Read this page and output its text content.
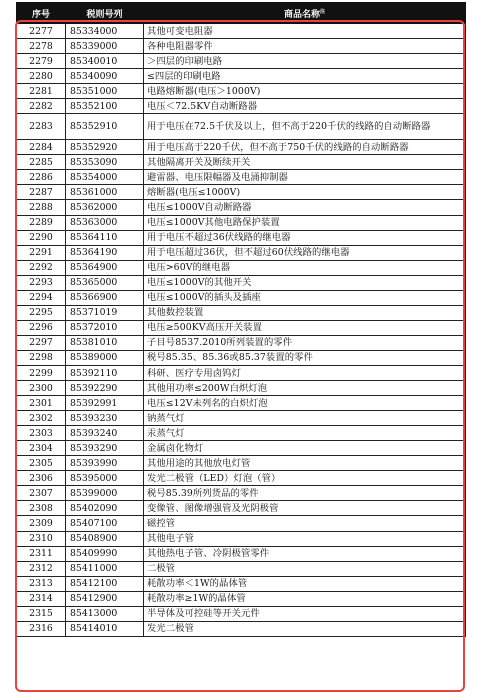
序号	税则号列	商品名称$^注$
2277	85334000	其他可变电阻器
2278	85339000	各种电阻器零件
2279	85340010	＞四层的印刷电路
2280	85340090	≤四层的印刷电路
2281	85351000	电路熔断器(电压＞1000V)
2282	85352100	电压＜72.5KV自动断路器
2283	85352910	用于电压在72.5千伏及以上，但不高于220千伏的线路的自动断路器
2284	85352920	用于电压高于220千伏，但不高于750千伏的线路的自动断路器
2285	85353090	其他隔离开关及断续开关
2286	85354000	避雷器、电压限幅器及电涌抑制器
2287	85361000	熔断器(电压≤1000V)
2288	85362000	电压≤1000V自动断路器
2289	85363000	电压≤1000V其他电路保护装置
2290	85364110	用于电压不超过36伏线路的继电器
2291	85364190	用于电压超过36伏，但不超过60伏线路的继电器
2292	85364900	电压>60V的继电器
2293	85365000	电压≤1000V的其他开关
2294	85366900	电压≤1000V的插头及插座
2295	85371019	其他数控装置
2296	85372010	电压≥500KV高压开关装置
2297	85381010	子目号8537.2010所列装置的零件
2298	85389000	税号85.35、85.36或85.37装置的零件
2299	85392110	科研、医疗专用卤钨灯
2300	85392290	其他用功率≤200W白炽灯泡
2301	85392991	电压≤12V未列名的白炽灯泡
2302	85393230	钠蒸气灯
2303	85393240	汞蒸气灯
2304	85393290	金属卤化物灯
2305	85393990	其他用途的其他放电灯管
2306	85395000	发光二极管（LED）灯泡（管）
2307	85399000	税号85.39所列货品的零件
2308	85402090	变像管、图像增强管及光阴极管
2309	85407100	磁控管
2310	85408900	其他电子管
2311	85409990	其他热电子管、冷阴极管零件
2312	85411000	二极管
2313	85412100	耗散功率＜1W的晶体管
2314	85412900	耗散功率≥1W的晶体管
2315	85413000	半导体及可控硅等开关元件
2316	85414010	发光二极管
